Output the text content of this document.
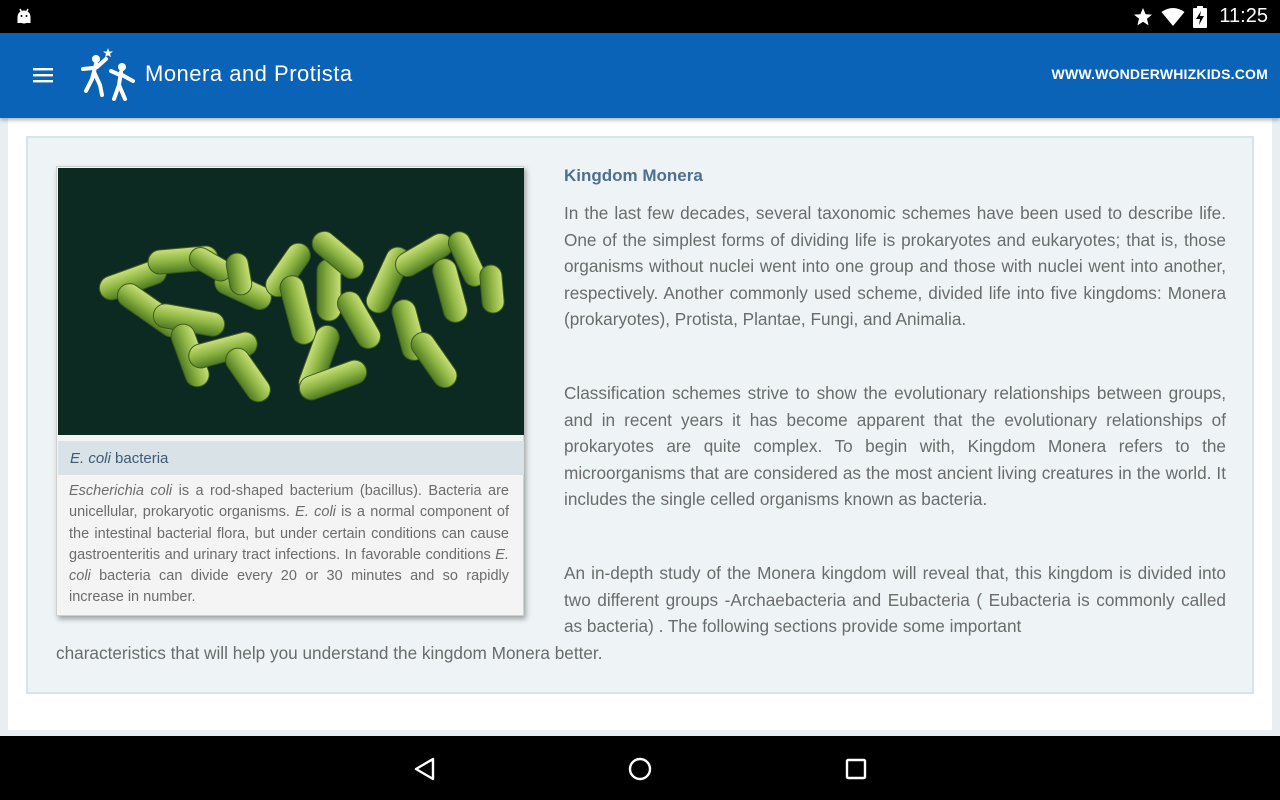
11:25
Monera and Protista	WWW.WONDERWHIZKIDS.COM
E. coli bacteria
Escherichia coli is a rod-shaped bacterium (bacillus). Bacteria are unicellular, prokaryotic organisms. E. coli is a normal component of the intestinal bacterial flora, but under certain conditions can cause gastroenteritis and urinary tract infections. In favorable conditions E. coli bacteria can divide every 20 or 30 minutes and so rapidly increase in number.
Kingdom Monera

In the last few decades, several taxonomic schemes have been used to describe life. One of the simplest forms of dividing life is prokaryotes and eukaryotes; that is, those organisms without nuclei went into one group and those with nuclei went into another, respectively. Another commonly used scheme, divided life into five kingdoms: Monera (prokaryotes), Protista, Plantae, Fungi, and Animalia.

Classification schemes strive to show the evolutionary relationships between groups, and in recent years it has become apparent that the evolutionary relationships of prokaryotes are quite complex. To begin with, Kingdom Monera refers to the microorganisms that are considered as the most ancient living creatures in the world. It includes the single celled organisms known as bacteria.

An in-depth study of the Monera kingdom will reveal that, this kingdom is divided into two different groups -Archaebacteria and Eubacteria ( Eubacteria is commonly called as bacteria) . The following sections provide some important

characteristics that will help you understand the kingdom Monera better.
